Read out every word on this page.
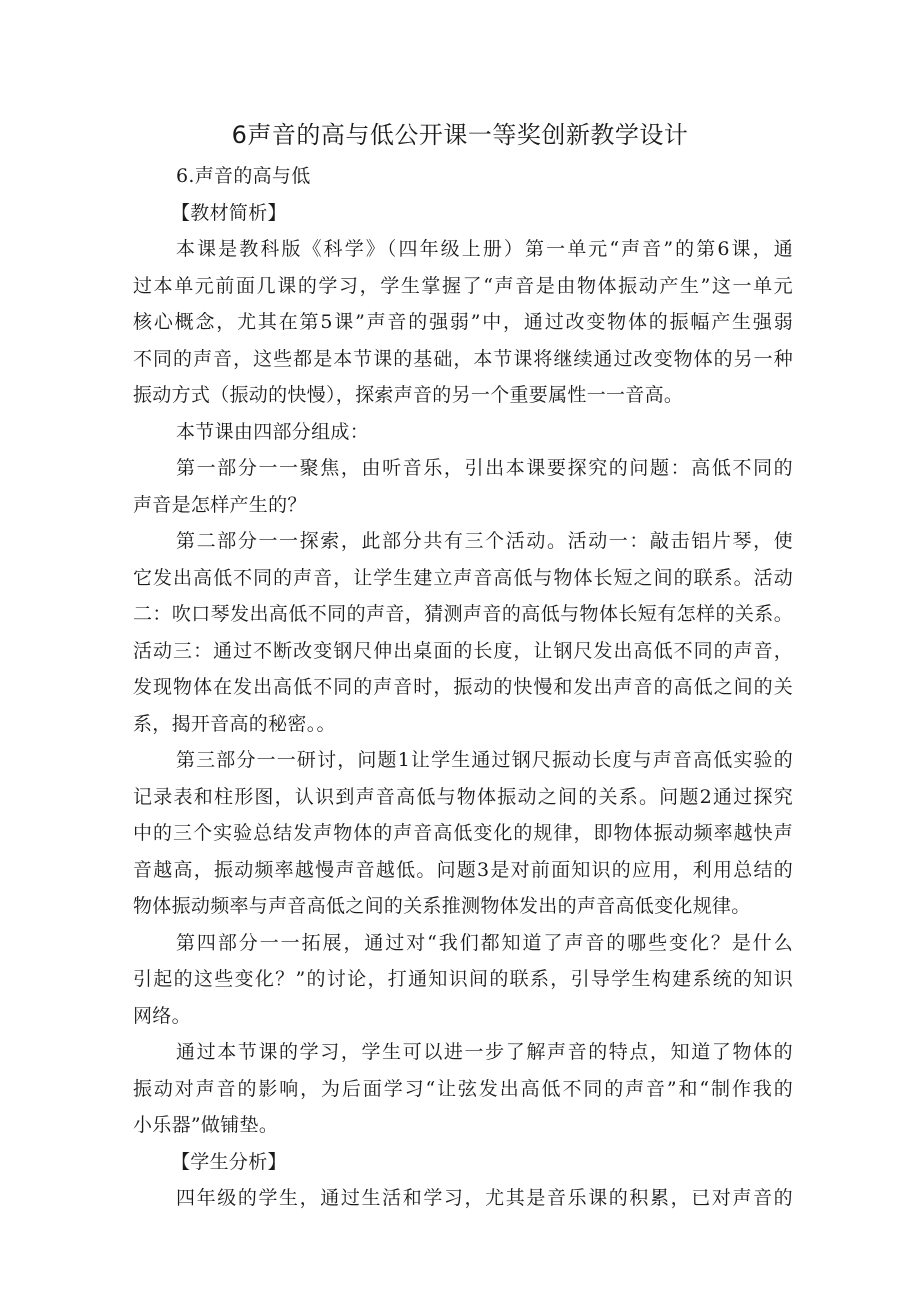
6声音的高与低公开课一等奖创新教学设计

6.声音的高与低

【教材简析】

本课是教科版《科学》（四年级上册）第一单元“声音”的第6课，通

过本单元前面几课的学习，学生掌握了“声音是由物体振动产生”这一单元

核心概念，尤其在第5课”声音的强弱”中，通过改变物体的振幅产生强弱

不同的声音，这些都是本节课的基础，本节课将继续通过改变物体的另一种

振动方式（振动的快慢），探索声音的另一个重要属性一一音高。

本节课由四部分组成：

第一部分一一聚焦，由听音乐，引出本课要探究的问题：高低不同的

声音是怎样产生的？

第二部分一一探索，此部分共有三个活动。活动一：敲击铝片琴，使

它发出高低不同的声音，让学生建立声音高低与物体长短之间的联系。活动

二：吹口琴发出高低不同的声音，猜测声音的高低与物体长短有怎样的关系。

活动三：通过不断改变钢尺伸出桌面的长度，让钢尺发出高低不同的声音，

发现物体在发出高低不同的声音时，振动的快慢和发出声音的高低之间的关

系，揭开音高的秘密。。

第三部分一一研讨，问题1让学生通过钢尺振动长度与声音高低实验的

记录表和柱形图，认识到声音高低与物体振动之间的关系。问题2通过探究

中的三个实验总结发声物体的声音高低变化的规律，即物体振动频率越快声

音越高，振动频率越慢声音越低。问题3是对前面知识的应用，利用总结的

物体振动频率与声音高低之间的关系推测物体发出的声音高低变化规律。

第四部分一一拓展，通过对“我们都知道了声音的哪些变化？是什么

引起的这些变化？”的讨论，打通知识间的联系，引导学生构建系统的知识

网络。

通过本节课的学习，学生可以进一步了解声音的特点，知道了物体的

振动对声音的影响，为后面学习“让弦发出高低不同的声音”和“制作我的

小乐器”做铺垫。

【学生分析】

四年级的学生，通过生活和学习，尤其是音乐课的积累，已对声音的
